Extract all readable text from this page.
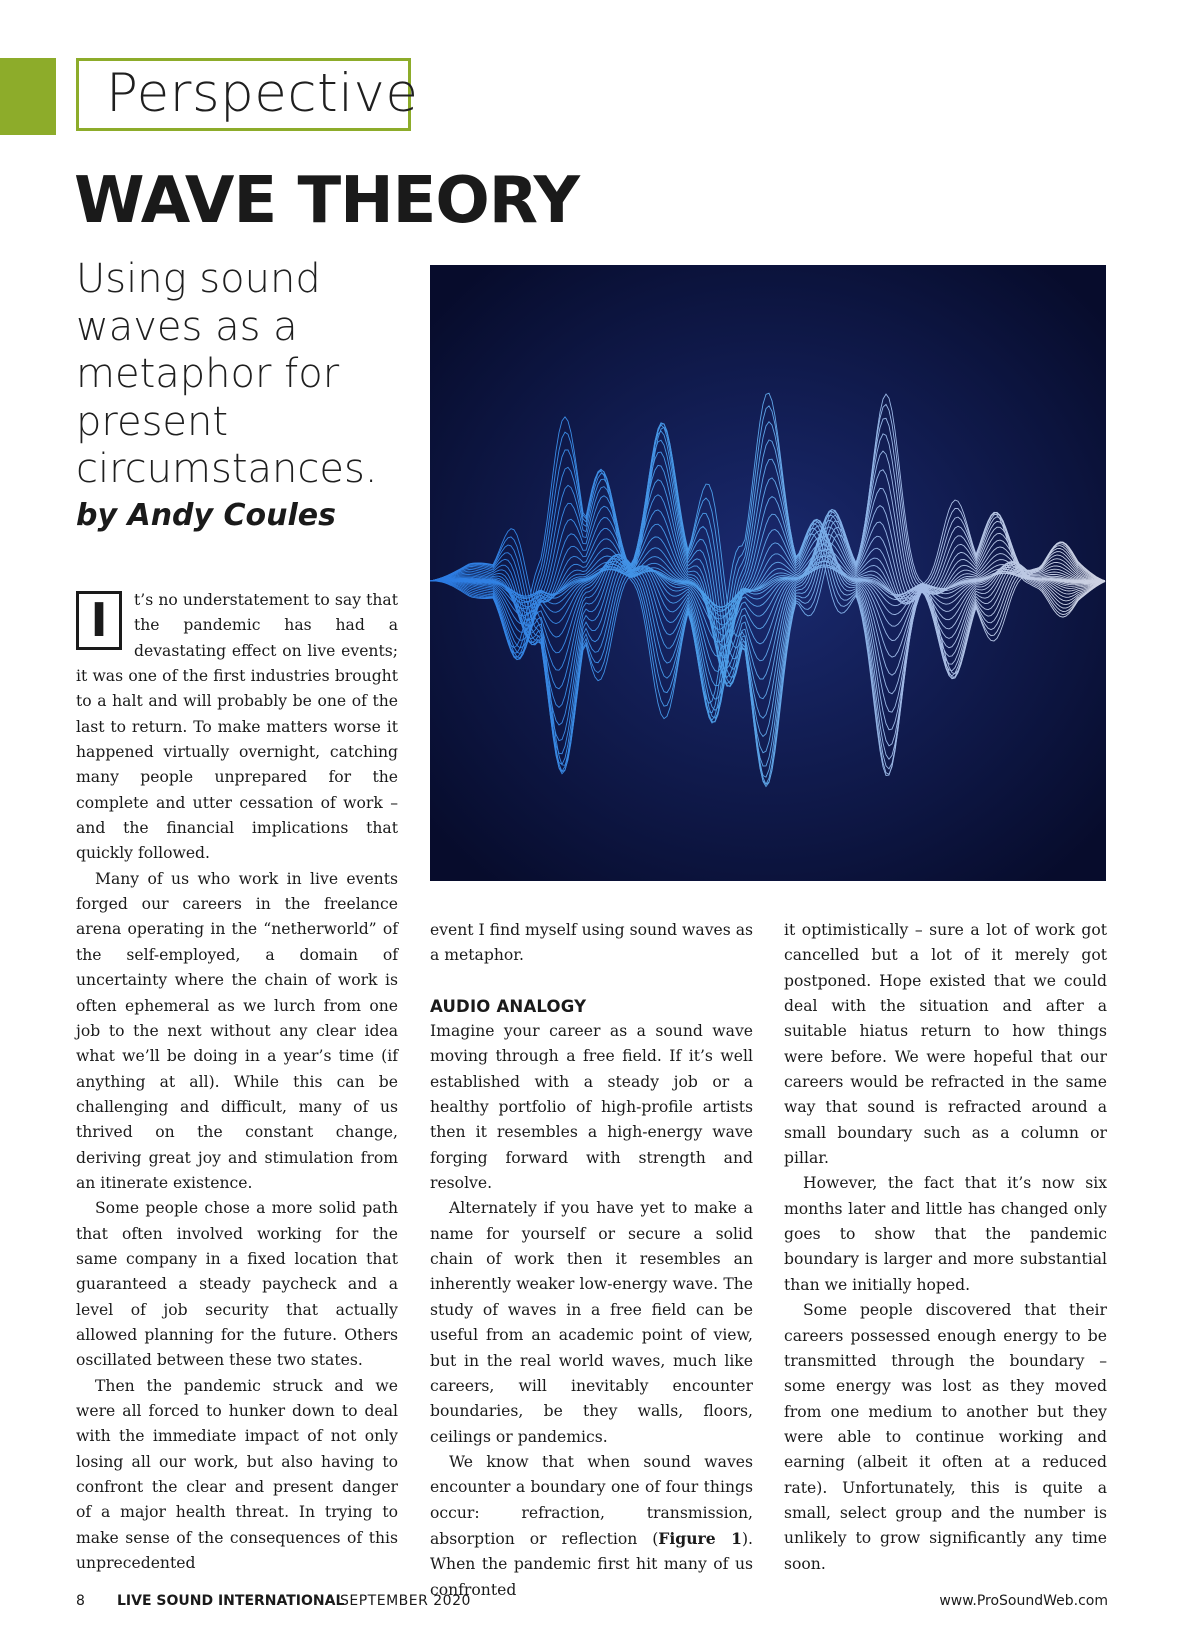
Perspective
WAVE THEORY
Using sound waves as a metaphor for present circumstances.
by Andy Coules

I	t’s no understatement to say that the pandemic has had a devastating effect on live events; it was one of the first industries brought to a halt and will probably be one of the last to return. To make matters worse it happened virtually overnight, catching many people unprepared for the complete and utter cessation of work – and the financial implications that quickly followed.

Many of us who work in live events forged our careers in the freelance arena operating in the “netherworld” of the self-employed, a domain of uncertainty where the chain of work is often ephemeral as we lurch from one job to the next without any clear idea what we’ll be doing in a year’s time (if anything at all). While this can be challenging and difficult, many of us thrived on the constant change, deriving great joy and stimulation from an itinerate existence.

Some people chose a more solid path that often involved working for the same company in a fixed location that guaranteed a steady paycheck and a level of job security that actually allowed planning for the future. Others oscillated between these two states.

Then the pandemic struck and we were all forced to hunker down to deal with the immediate impact of not only losing all our work, but also having to confront the clear and present danger of a major health threat. In trying to make sense of the consequences of this unprecedented

event I find myself using sound waves as a metaphor.

AUDIO ANALOGY

Imagine your career as a sound wave moving through a free field. If it’s well established with a steady job or a healthy portfolio of high-profile artists then it resembles a high-energy wave forging forward with strength and resolve.

Alternately if you have yet to make a name for yourself or secure a solid chain of work then it resembles an inherently weaker low-energy wave. The study of waves in a free field can be useful from an academic point of view, but in the real world waves, much like careers, will inevitably encounter boundaries, be they walls, floors, ceilings or pandemics.

We know that when sound waves encounter a boundary one of four things occur: refraction, transmission, absorption or reflection (Figure 1). When the pandemic first hit many of us confronted

it optimistically – sure a lot of work got cancelled but a lot of it merely got postponed. Hope existed that we could deal with the situation and after a suitable hiatus return to how things were before. We were hopeful that our careers would be refracted in the same way that sound is refracted around a small boundary such as a column or pillar.

However, the fact that it’s now six months later and little has changed only goes to show that the pandemic boundary is larger and more substantial than we initially hoped.

Some people discovered that their careers possessed enough energy to be transmitted through the boundary – some energy was lost as they moved from one medium to another but they were able to continue working and earning (albeit it often at a reduced rate). Unfortunately, this is quite a small, select group and the number is unlikely to grow significantly any time soon.

8 LIVE SOUND INTERNATIONAL
SEPTEMBER 2020	www.ProSoundWeb.com
